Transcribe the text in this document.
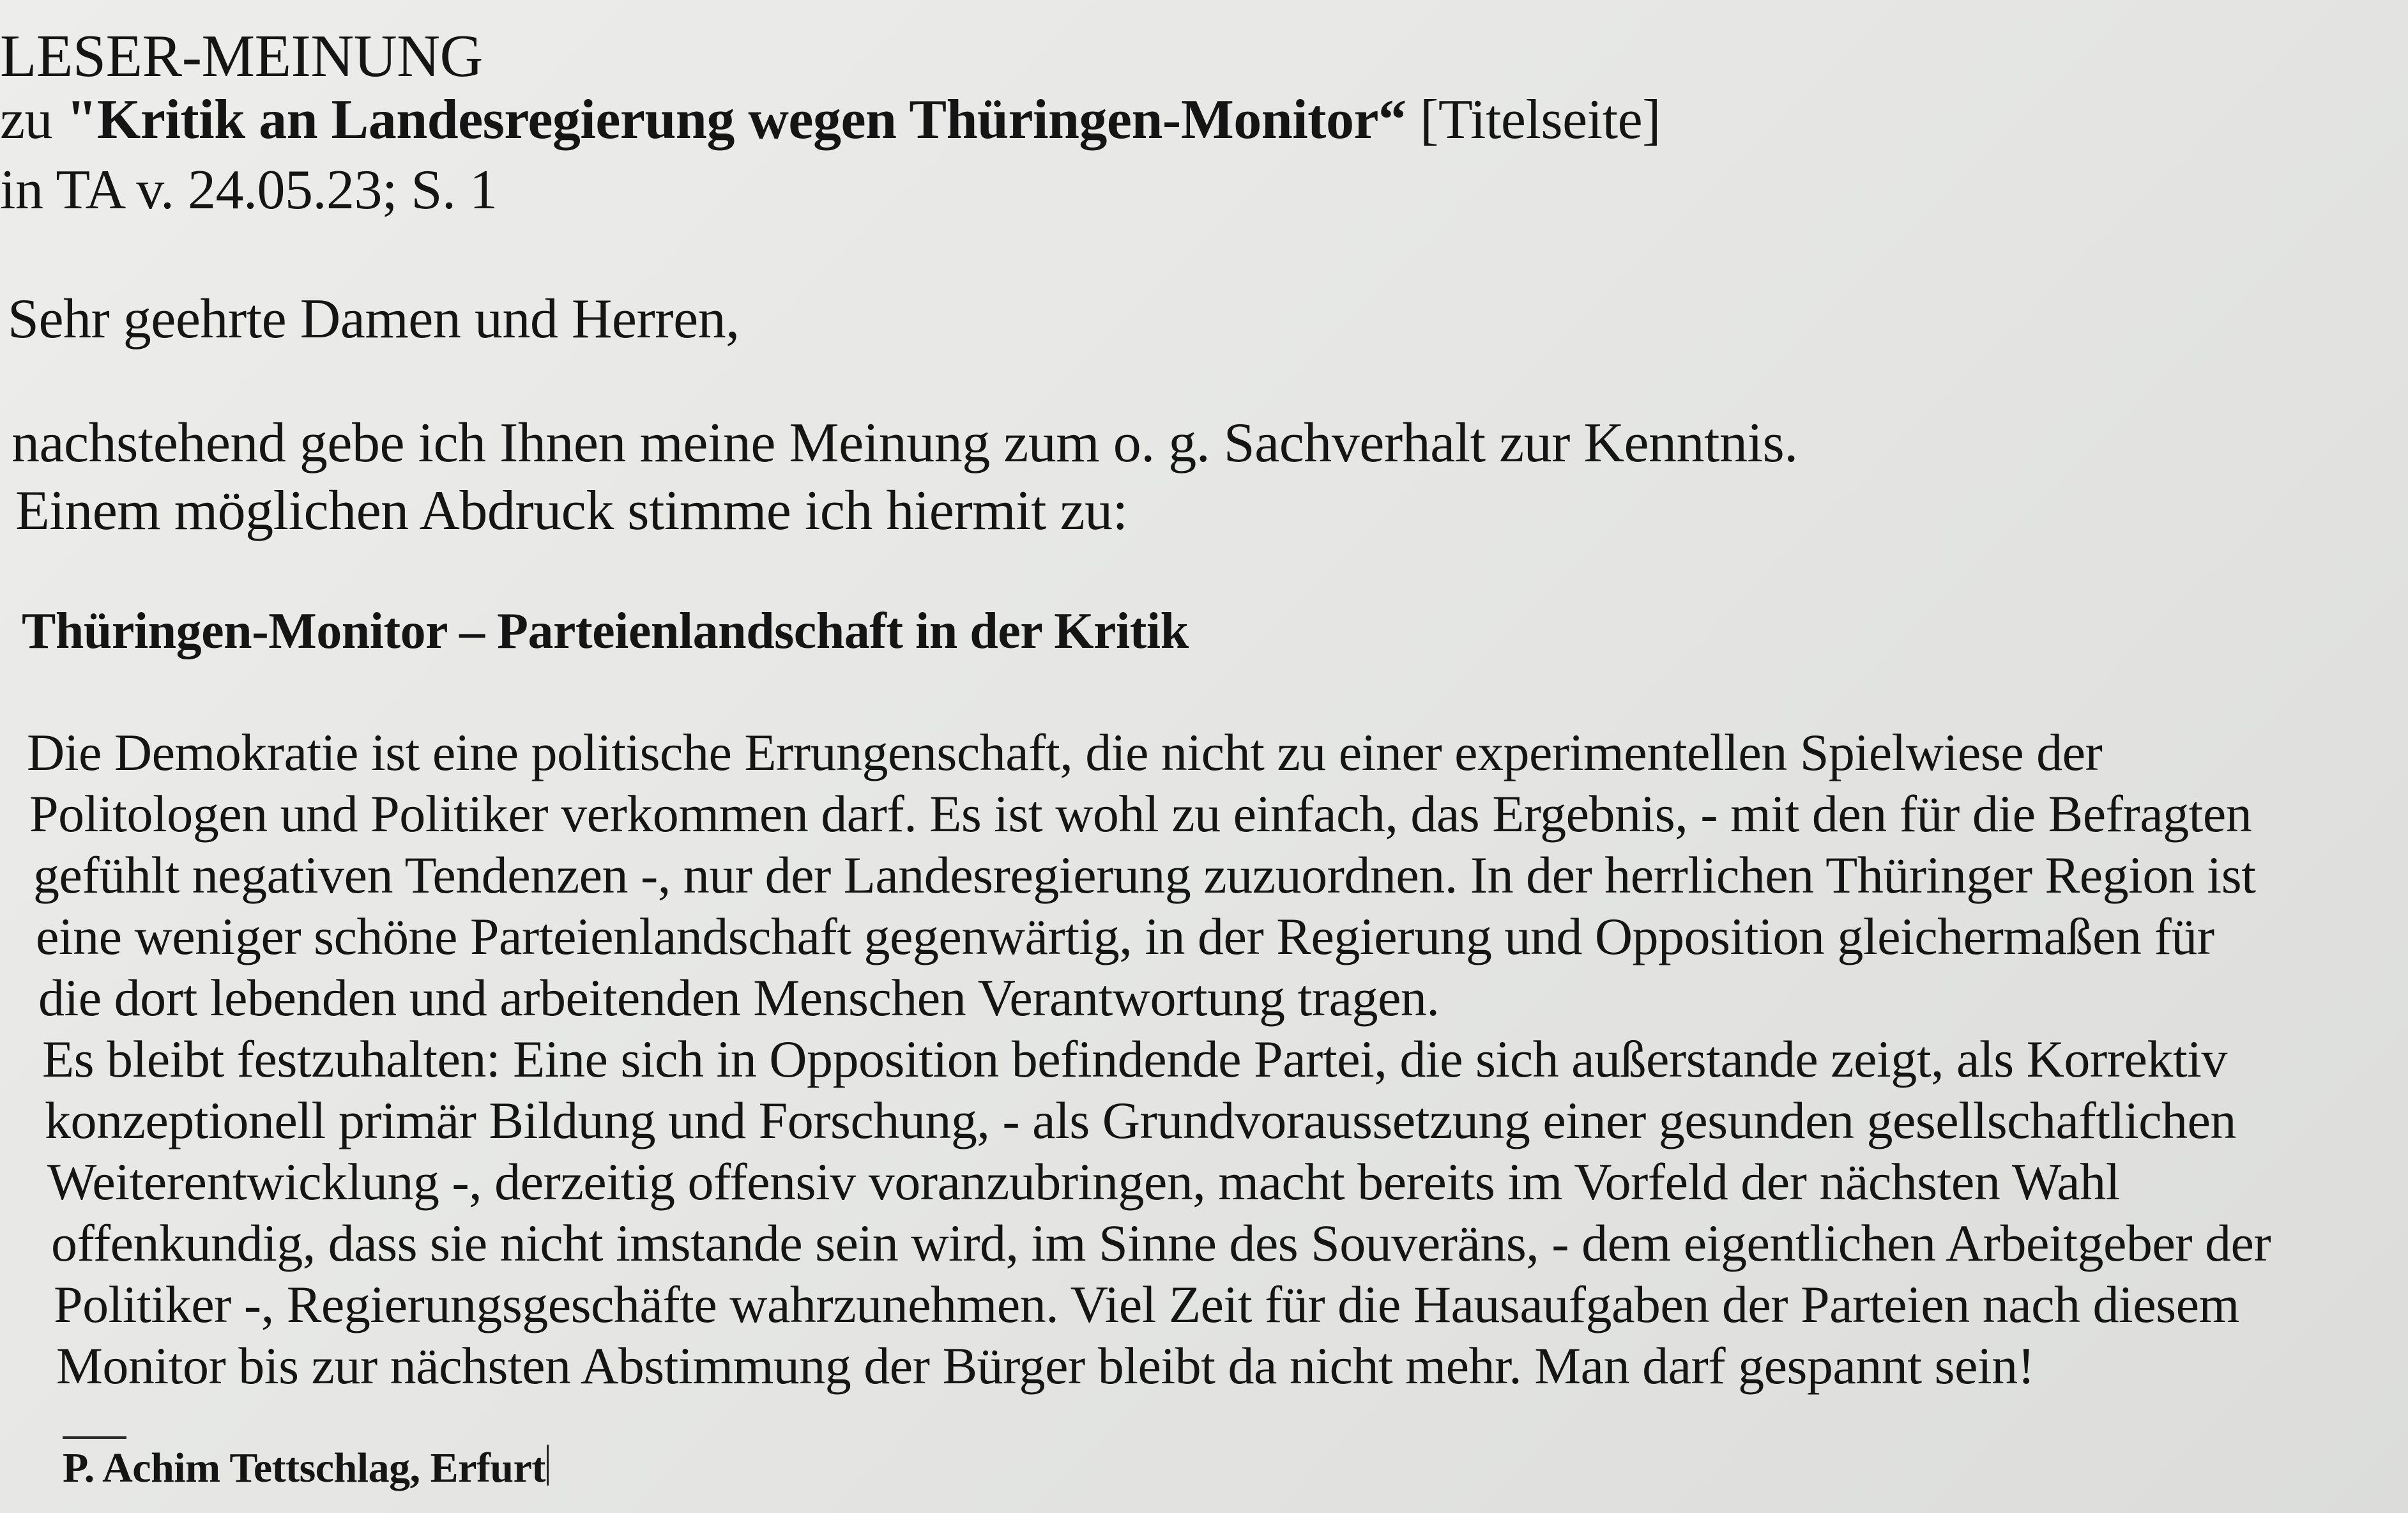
LESER-MEINUNG
zu "Kritik an Landesregierung wegen Thüringen-Monitor“ [Titelseite]
in TA v. 24.05.23; S. 1
Sehr geehrte Damen und Herren,
nachstehend gebe ich Ihnen meine Meinung zum o. g. Sachverhalt zur Kenntnis.
Einem möglichen Abdruck stimme ich hiermit zu:
Thüringen-Monitor – Parteienlandschaft in der Kritik
Die Demokratie ist eine politische Errungenschaft, die nicht zu einer experimentellen Spielwiese der
Politologen und Politiker verkommen darf. Es ist wohl zu einfach, das Ergebnis, - mit den für die Befragten
gefühlt negativen Tendenzen -, nur der Landesregierung zuzuordnen. In der herrlichen Thüringer Region ist
eine weniger schöne Parteienlandschaft gegenwärtig, in der Regierung und Opposition gleichermaßen für
die dort lebenden und arbeitenden Menschen Verantwortung tragen.
Es bleibt festzuhalten: Eine sich in Opposition befindende Partei, die sich außerstande zeigt, als Korrektiv
konzeptionell primär Bildung und Forschung, - als Grundvoraussetzung einer gesunden gesellschaftlichen
Weiterentwicklung -, derzeitig offensiv voranzubringen, macht bereits im Vorfeld der nächsten Wahl
offenkundig, dass sie nicht imstande sein wird, im Sinne des Souveräns, - dem eigentlichen Arbeitgeber der
Politiker -, Regierungsgeschäfte wahrzunehmen. Viel Zeit für die Hausaufgaben der Parteien nach diesem
Monitor bis zur nächsten Abstimmung der Bürger bleibt da nicht mehr. Man darf gespannt sein!
P. Achim Tettschlag, Erfurt
